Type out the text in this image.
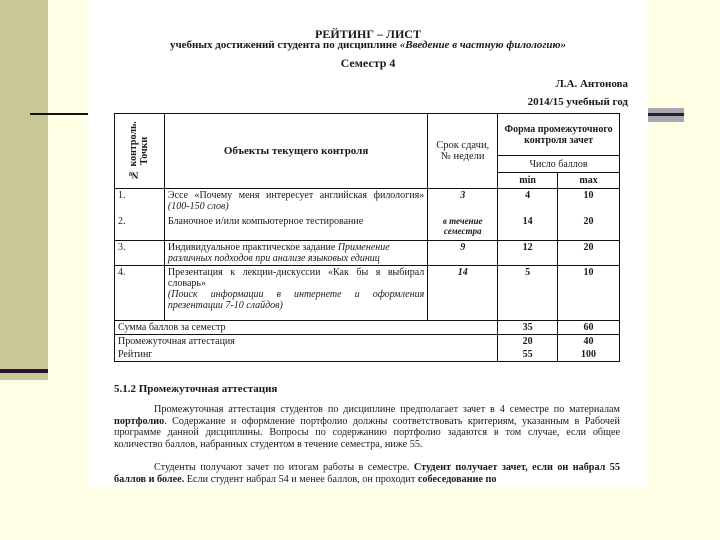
РЕЙТИНГ – ЛИСТ
учебных достижений студента по дисциплине «Введение в частную филологию»
Семестр 4
Л.А. Антонова
2014/15 учебный год
№ контроль. Точки	Объекты текущего контроля	Срок сдачи, № недели	Форма промежуточного контроля зачет	
			Число баллов	
			min	max
1.	Эссе «Почему меня интересует английская филология» (100-150 слов)	3	4	10
2.	Бланочное и/или компьютерное тестирование	в течение семестра	14	20
3.	Индивидуальное практическое задание Применение различных подходов при анализе языковых единиц	9	12	20
4.	Презентация к лекции-дискуссии «Как бы я выбирал словарь»
(Поиск информации в интернете и оформления презентации 7-10 слайдов)	14	5	10
Сумма баллов за семестр			35	60
Промежуточная аттестация			20	40
Рейтинг			55	100
5.1.2 Промежуточная аттестация
Промежуточная аттестация студентов по дисциплине предполагает зачет в 4 семестре по материалам портфолио. Содержание и оформление портфолио должны соответствовать критериям, указанным в Рабочей программе данной дисциплины. Вопросы по содержанию портфолио задаются в том случае, если общее количество баллов, набранных студентом в течение семестра, ниже 55.
Студенты получают зачет по итогам работы в семестре. Студент получает зачет, если он набрал 55 баллов и более. Если студент набрал 54 и менее баллов, он проходит собеседование по
